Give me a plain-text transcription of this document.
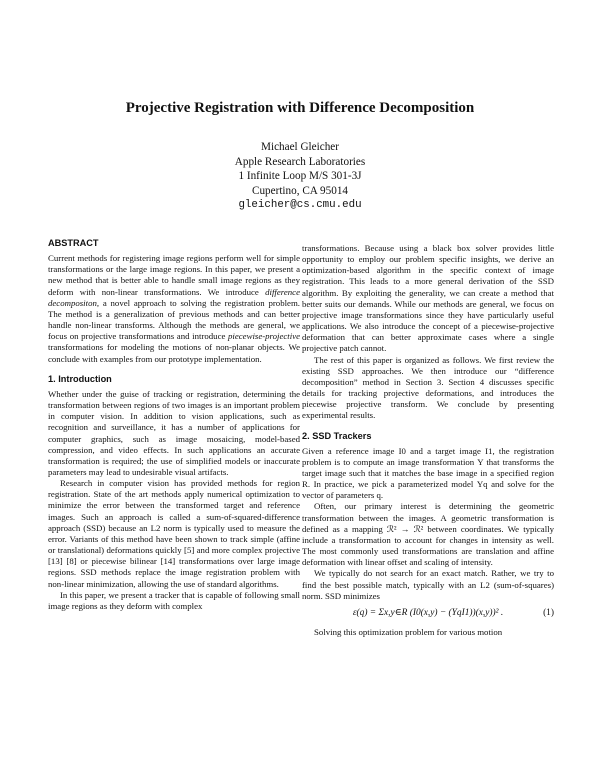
Projective Registration with Difference Decomposition
Michael Gleicher
Apple Research Laboratories
1 Infinite Loop M/S 301-3J
Cupertino, CA 95014
gleicher@cs.cmu.edu
ABSTRACT

Current methods for registering image regions perform well for simple transformations or the large image regions. In this paper, we present a new method that is better able to handle small image regions as they deform with non-linear transformations. We introduce difference decompositon, a novel approach to solving the registration problem. The method is a generalization of previous methods and can better handle non-linear transforms. Although the methods are general, we focus on projective transformations and introduce piecewise-projective transformations for modeling the motions of non-planar objects. We conclude with examples from our prototype implementation.

1. Introduction

Whether under the guise of tracking or registration, determining the transformation between regions of two images is an important problem in computer vision. In addition to vision applications, such as recognition and surveillance, it has a number of applications for computer graphics, such as image mosaicing, model-based compression, and video effects. In such applications an accurate transformation is required; the use of simplified models or inaccurate parameters may lead to undesirable visual artifacts.

Research in computer vision has provided methods for region registration. State of the art methods apply numerical optimization to minimize the error between the transformed target and reference images. Such an approach is called a sum-of-squared-difference approach (SSD) because an L2 norm is typically used to measure the error. Variants of this method have been shown to track simple (affine or translational) deformations quickly [5] and more complex projective [13] [8] or piecewise bilinear [14] transformations over large image regions. SSD methods replace the image registration problem with non-linear minimization, allowing the use of standard algorithms.

In this paper, we present a tracker that is capable of following small image regions as they deform with complex

transformations. Because using a black box solver provides little opportunity to employ our problem specific insights, we derive an optimization-based algorithm in the specific context of image registration. This leads to a more general derivation of the SSD algorithm. By exploiting the generality, we can create a method that better suits our demands. While our methods are general, we focus on projective image transformations since they have particularly useful applications. We also introduce the concept of a piecewise-projective deformation that can better approximate cases where a single projective patch cannot.

The rest of this paper is organized as follows. We first review the existing SSD approaches. We then introduce our “difference decomposition” method in Section 3. Section 4 discusses specific details for tracking projective deformations, and introduces the piecewise projective transform. We conclude by presenting experimental results.

2. SSD Trackers

Given a reference image I0 and a target image I1, the registration problem is to compute an image transformation Υ that transforms the target image such that it matches the base image in a specified region R. In practice, we pick a parameterized model Υq and solve for the vector of parameters q.

Often, our primary interest is determining the geometric transformation between the images. A geometric transformation is defined as a mapping ℛ² → ℛ² between coordinates. We typically include a transformation to account for changes in intensity as well. The most commonly used transformations are translation and affine deformation with linear offset and scaling of intensity.

We typically do not search for an exact match. Rather, we try to find the best possible match, typically with an L2 (sum-of-squares) norm. SSD minimizes

ε(q) = Σx,y∈R (I0(x,y) − (ΥqI1))(x,y))² .	(1)

Solving this optimization problem for various motion
